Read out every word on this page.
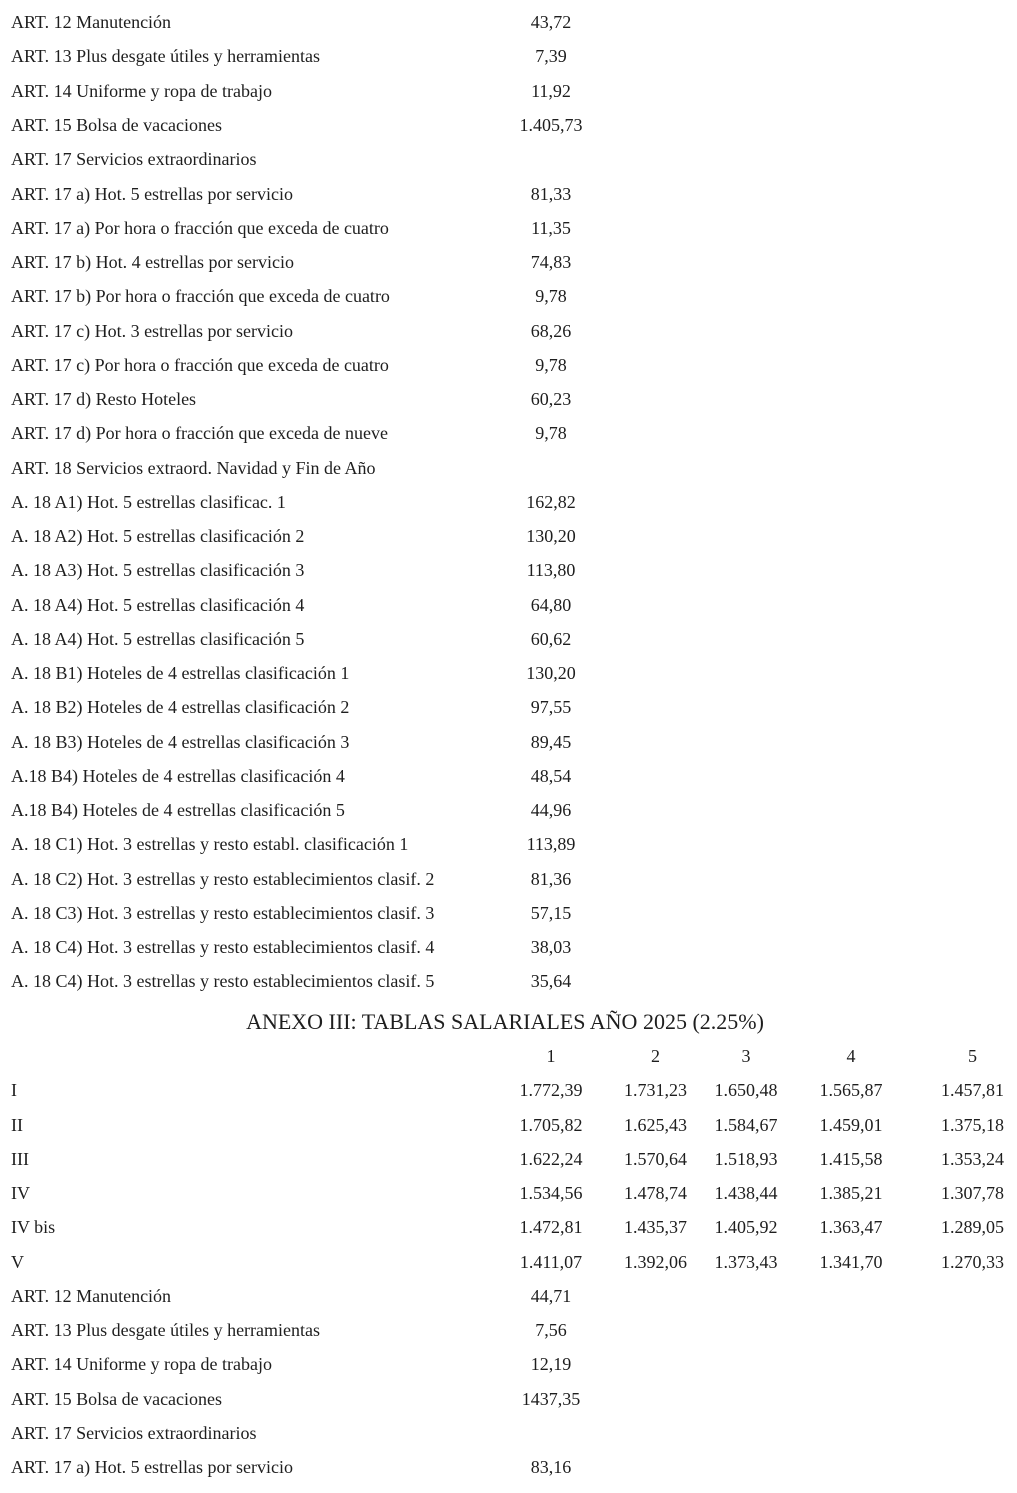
ART. 12 Manutención	43,72
ART. 13 Plus desgate útiles y herramientas	7,39
ART. 14 Uniforme y ropa de trabajo	11,92
ART. 15 Bolsa de vacaciones	1.405,73
ART. 17 Servicios extraordinarios
ART. 17 a) Hot. 5 estrellas por servicio	81,33
ART. 17 a) Por hora o fracción que exceda de cuatro	11,35
ART. 17 b) Hot. 4 estrellas por servicio	74,83
ART. 17 b) Por hora o fracción que exceda de cuatro	9,78
ART. 17 c) Hot. 3 estrellas por servicio	68,26
ART. 17 c) Por hora o fracción que exceda de cuatro	9,78
ART. 17 d) Resto Hoteles	60,23
ART. 17 d) Por hora o fracción que exceda de nueve	9,78
ART. 18 Servicios extraord. Navidad y Fin de Año
A. 18 A1) Hot. 5 estrellas clasificac. 1	162,82
A. 18 A2) Hot. 5 estrellas clasificación 2	130,20
A. 18 A3) Hot. 5 estrellas clasificación 3	113,80
A. 18 A4) Hot. 5 estrellas clasificación 4	64,80
A. 18 A4) Hot. 5 estrellas clasificación 5	60,62
A. 18 B1) Hoteles de 4 estrellas clasificación 1	130,20
A. 18 B2) Hoteles de 4 estrellas clasificación 2	97,55
A. 18 B3) Hoteles de 4 estrellas clasificación 3	89,45
A.18 B4) Hoteles de 4 estrellas clasificación 4	48,54
A.18 B4) Hoteles de 4 estrellas clasificación 5	44,96
A. 18 C1) Hot. 3 estrellas y resto establ. clasificación 1	113,89
A. 18 C2) Hot. 3 estrellas y resto establecimientos clasif. 2	81,36
A. 18 C3) Hot. 3 estrellas y resto establecimientos clasif. 3	57,15
A. 18 C4) Hot. 3 estrellas y resto establecimientos clasif. 4	38,03
A. 18 C4) Hot. 3 estrellas y resto establecimientos clasif. 5	35,64
ANEXO III: TABLAS SALARIALES AÑO 2025 (2.25%)
1	2	3	4	5
I	1.772,39	1.731,23	1.650,48	1.565,87	1.457,81
II	1.705,82	1.625,43	1.584,67	1.459,01	1.375,18
III	1.622,24	1.570,64	1.518,93	1.415,58	1.353,24
IV	1.534,56	1.478,74	1.438,44	1.385,21	1.307,78
IV bis	1.472,81	1.435,37	1.405,92	1.363,47	1.289,05
V	1.411,07	1.392,06	1.373,43	1.341,70	1.270,33
ART. 12 Manutención	44,71
ART. 13 Plus desgate útiles y herramientas	7,56
ART. 14 Uniforme y ropa de trabajo	12,19
ART. 15 Bolsa de vacaciones	1437,35
ART. 17 Servicios extraordinarios
ART. 17 a) Hot. 5 estrellas por servicio	83,16
